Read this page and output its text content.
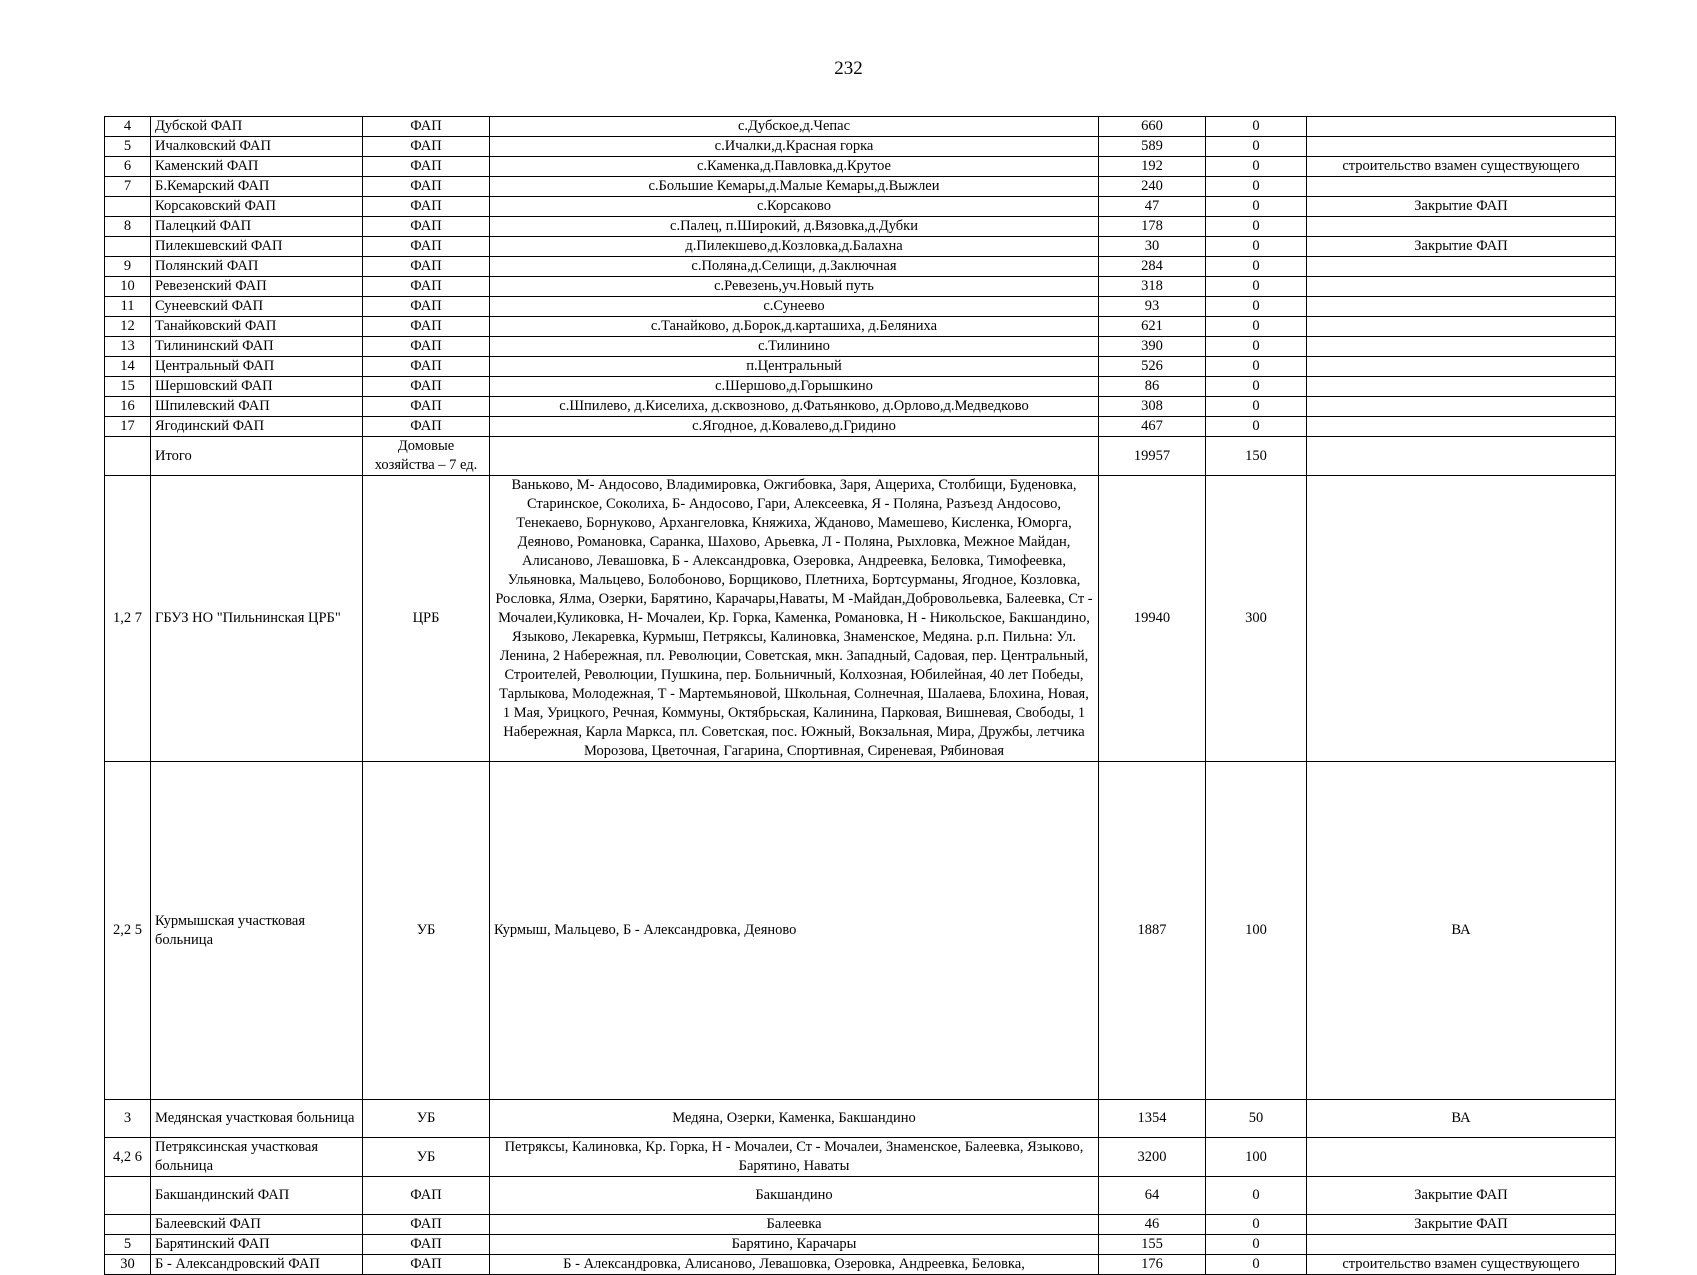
232
4	Дубской ФАП	ФАП	с.Дубское,д.Чепас	660	0	
5	Ичалковский ФАП	ФАП	с.Ичалки,д.Красная горка	589	0	
6	Каменский ФАП	ФАП	с.Каменка,д.Павловка,д.Крутое	192	0	строительство взамен существующего
7	Б.Кемарский ФАП	ФАП	с.Большие Кемары,д.Малые Кемары,д.Выжлеи	240	0	
	Корсаковский ФАП	ФАП	с.Корсаково	47	0	Закрытие ФАП
8	Палецкий ФАП	ФАП	с.Палец, п.Широкий, д.Вязовка,д.Дубки	178	0	
	Пилекшевский ФАП	ФАП	д.Пилекшево,д.Козловка,д.Балахна	30	0	Закрытие ФАП
9	Полянский ФАП	ФАП	с.Поляна,д.Селищи, д.Заключная	284	0	
10	Ревезенский ФАП	ФАП	с.Ревезень,уч.Новый путь	318	0	
11	Сунеевский ФАП	ФАП	с.Сунеево	93	0	
12	Танайковский ФАП	ФАП	с.Танайково, д.Борок,д.карташиха, д.Беляниха	621	0	
13	Тилининский ФАП	ФАП	с.Тилинино	390	0	
14	Центральный ФАП	ФАП	п.Центральный	526	0	
15	Шершовский ФАП	ФАП	с.Шершово,д.Горышкино	86	0	
16	Шпилевский ФАП	ФАП	с.Шпилево, д.Киселиха, д.сквозново, д.Фатьянково, д.Орлово,д.Медведково	308	0	
17	Ягодинский ФАП	ФАП	с.Ягодное, д.Ковалево,д.Гридино	467	0	
	Итого	Домовые хозяйства – 7 ед.		19957	150	
1,2 7	ГБУЗ НО "Пильнинская ЦРБ"	ЦРБ	Ваньково, М- Андосово, Владимировка, Ожгибовка, Заря, Ащериха, Столбищи, Буденовка, Старинское, Соколиха, Б- Андосово, Гари, Алексеевка, Я - Поляна, Разъезд Андосово, Тенекаево, Борнуково, Архангеловка, Княжиха, Жданово, Мамешево, Кисленка, Юморга, Деяново, Романовка, Саранка, Шахово, Арьевка, Л - Поляна, Рыхловка, Межное Майдан, Алисаново, Левашовка, Б - Александровка, Озеровка, Андреевка, Беловка, Тимофеевка, Ульяновка, Мальцево, Болобоново, Борщиково, Плетниха, Бортсурманы, Ягодное, Козловка, Рословка, Ялма, Озерки, Барятино, Карачары,Наваты, М -Майдан,Добровольевка, Балеевка, Ст - Мочалеи,Куликовка, Н- Мочалеи, Кр. Горка, Каменка, Романовка, Н - Никольское, Бакшандино, Языково, Лекаревка, Курмыш, Петряксы, Калиновка, Знаменское, Медяна. р.п. Пильна: Ул. Ленина, 2 Набережная, пл. Революции, Советская, мкн. Западный, Садовая, пер. Центральный, Строителей, Революции, Пушкина, пер. Больничный, Колхозная, Юбилейная, 40 лет Победы, Тарлыкова, Молодежная, Т - Мартемьяновой, Школьная, Солнечная, Шалаева, Блохина, Новая, 1 Мая, Урицкого, Речная, Коммуны, Октябрьская, Калинина, Парковая, Вишневая, Свободы, 1 Набережная, Карла Маркса, пл. Советская, пос. Южный, Вокзальная, Мира, Дружбы, летчика Морозова, Цветочная, Гагарина, Спортивная, Сиреневая, Рябиновая	19940	300	
2,2 5	Курмышская участковая больница	УБ	Курмыш, Мальцево, Б - Александровка, Деяново	1887	100	ВА
3	Медянская участковая больница	УБ	Медяна, Озерки, Каменка, Бакшандино	1354	50	ВА
4,2 6	Петряксинская участковая больница	УБ	Петряксы, Калиновка, Кр. Горка, Н - Мочалеи, Ст - Мочалеи, Знаменское, Балеевка, Языково, Барятино, Наваты	3200	100	
	Бакшандинский ФАП	ФАП	Бакшандино	64	0	Закрытие ФАП
	Балеевский ФАП	ФАП	Балеевка	46	0	Закрытие ФАП
5	Барятинский ФАП	ФАП	Барятино, Карачары	155	0	
30	Б - Александровский ФАП	ФАП	Б - Александровка, Алисаново, Левашовка, Озеровка, Андреевка, Беловка,	176	0	строительство взамен существующего
